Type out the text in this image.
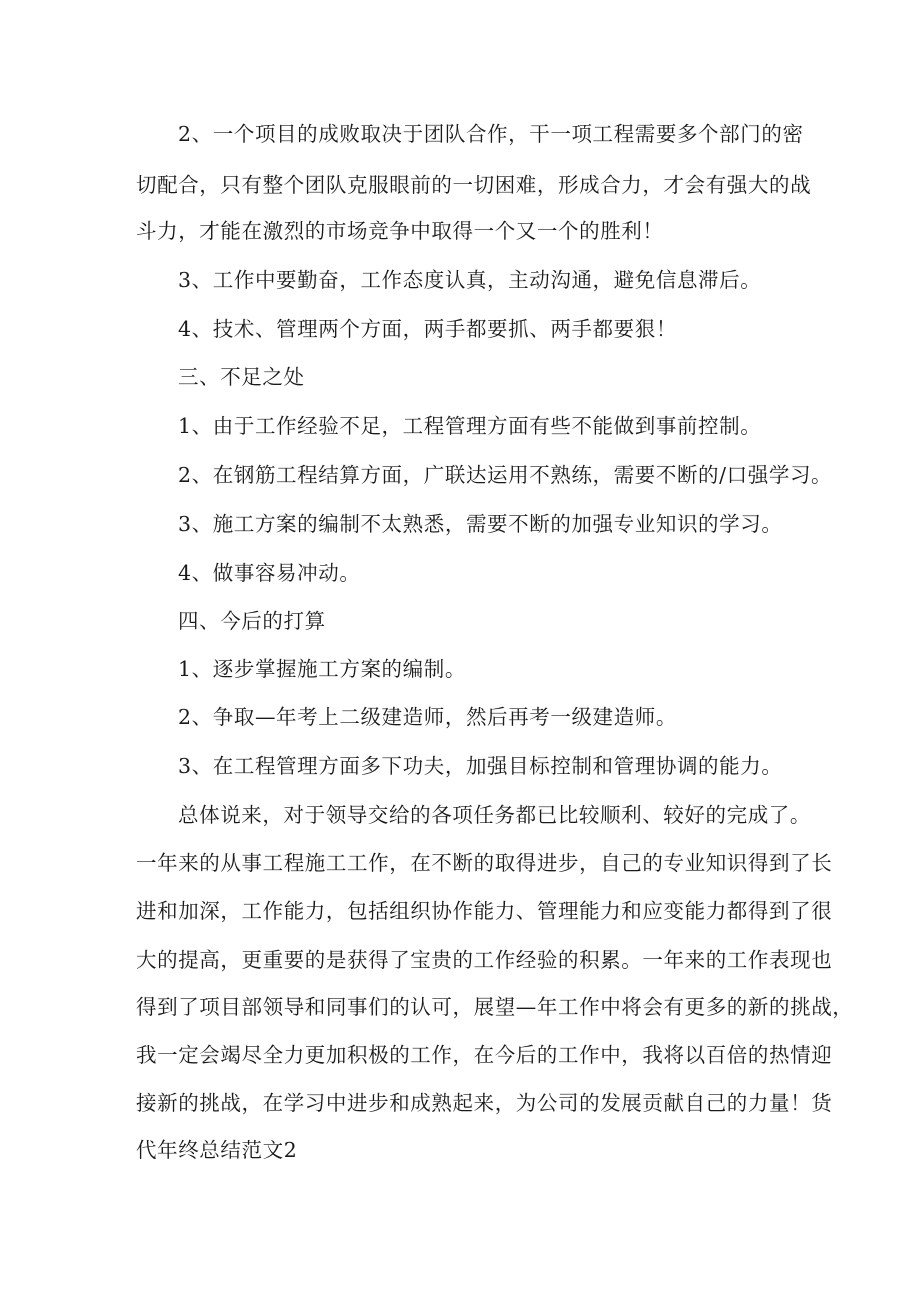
2、一个项目的成败取决于团队合作，干一项工程需要多个部门的密
切配合，只有整个团队克服眼前的一切困难，形成合力，才会有强大的战
斗力，才能在激烈的市场竞争中取得一个又一个的胜利！
3、工作中要勤奋，工作态度认真，主动沟通，避免信息滞后。
4、技术、管理两个方面，两手都要抓、两手都要狠！
三、不足之处
1、由于工作经验不足，工程管理方面有些不能做到事前控制。
2、在钢筋工程结算方面，广联达运用不熟练，需要不断的/口强学习。
3、施工方案的编制不太熟悉，需要不断的加强专业知识的学习。
4、做事容易冲动。
四、今后的打算
1、逐步掌握施工方案的编制。
2、争取—年考上二级建造师，然后再考一级建造师。
3、在工程管理方面多下功夫，加强目标控制和管理协调的能力。
总体说来，对于领导交给的各项任务都已比较顺利、较好的完成了。
一年来的从事工程施工工作，在不断的取得进步，自己的专业知识得到了长
进和加深，工作能力，包括组织协作能力、管理能力和应变能力都得到了很
大的提高，更重要的是获得了宝贵的工作经验的积累。一年来的工作表现也
得到了项目部领导和同事们的认可，展望—年工作中将会有更多的新的挑战，
我一定会竭尽全力更加积极的工作，在今后的工作中，我将以百倍的热情迎
接新的挑战，在学习中进步和成熟起来，为公司的发展贡献自己的力量！货
代年终总结范文2
